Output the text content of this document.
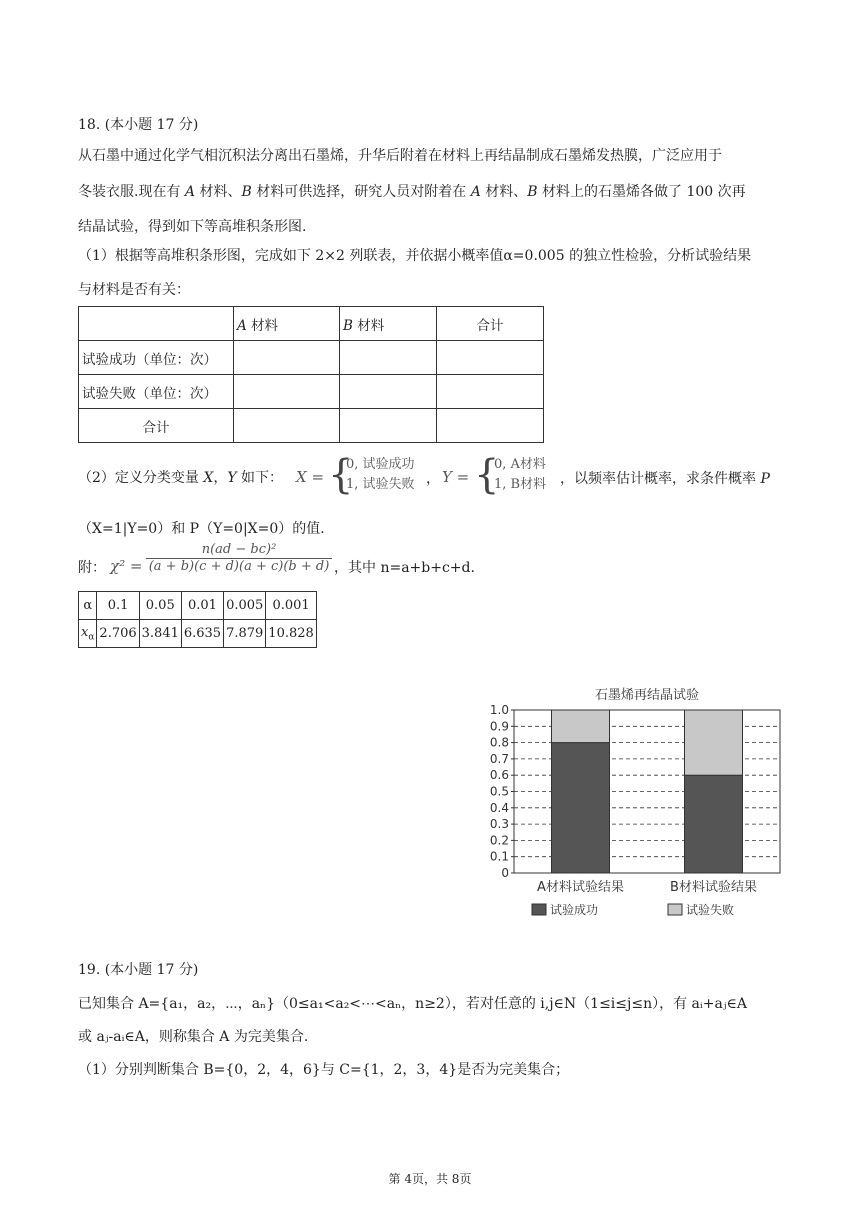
18. (本小题 17 分)
从石墨中通过化学气相沉积法分离出石墨烯，升华后附着在材料上再结晶制成石墨烯发热膜，广泛应用于
冬装衣服.现在有 A 材料、B 材料可供选择，研究人员对附着在 A 材料、B 材料上的石墨烯各做了 100 次再
结晶试验，得到如下等高堆积条形图.
（1）根据等高堆积条形图，完成如下 2×2 列联表，并依据小概率值α=0.005 的独立性检验，分析试验结果
与材料是否有关：
	A 材料	B 材料	合计
试验成功（单位：次）			
试验失败（单位：次）			
合计			
（2）定义分类变量 X，Y 如下： X = {
0, 试验成功
1, 试验失败 ， Y = {
0, A材料
1, B材料 ，以频率估计概率，求条件概率 P
（X=1|Y=0）和 P（Y=0|X=0）的值.
附： $\chi^2 = \frac{\text{n(ad − bc)²}}{(a + b)(c + d)(a + c)(b + d)}$ ，其中 n=a+b+c+d.
α	0.1	0.05	0.01	0.005	0.001
$x_\alpha$	2.706	3.841	6.635	7.879	10.828
石墨烯再结晶试验
0
0.1
0.2
0.3
0.4
0.5
0.6
0.7
0.8
0.9
1.0
A材料试验结果	B材料试验结果
试验成功	试验失败
19. (本小题 17 分)
已知集合 A={a₁，a₂，⋯，aₙ}（0≤a₁<a₂<⋯<aₙ，n≥2），若对任意的 i,j∈N（1≤i≤j≤n），有 aᵢ+aⱼ∈A
或 aⱼ-aᵢ∈A，则称集合 A 为完美集合.
（1）分别判断集合 B={0，2，4，6}与 C={1，2，3，4}是否为完美集合；
第 4页，共 8页
